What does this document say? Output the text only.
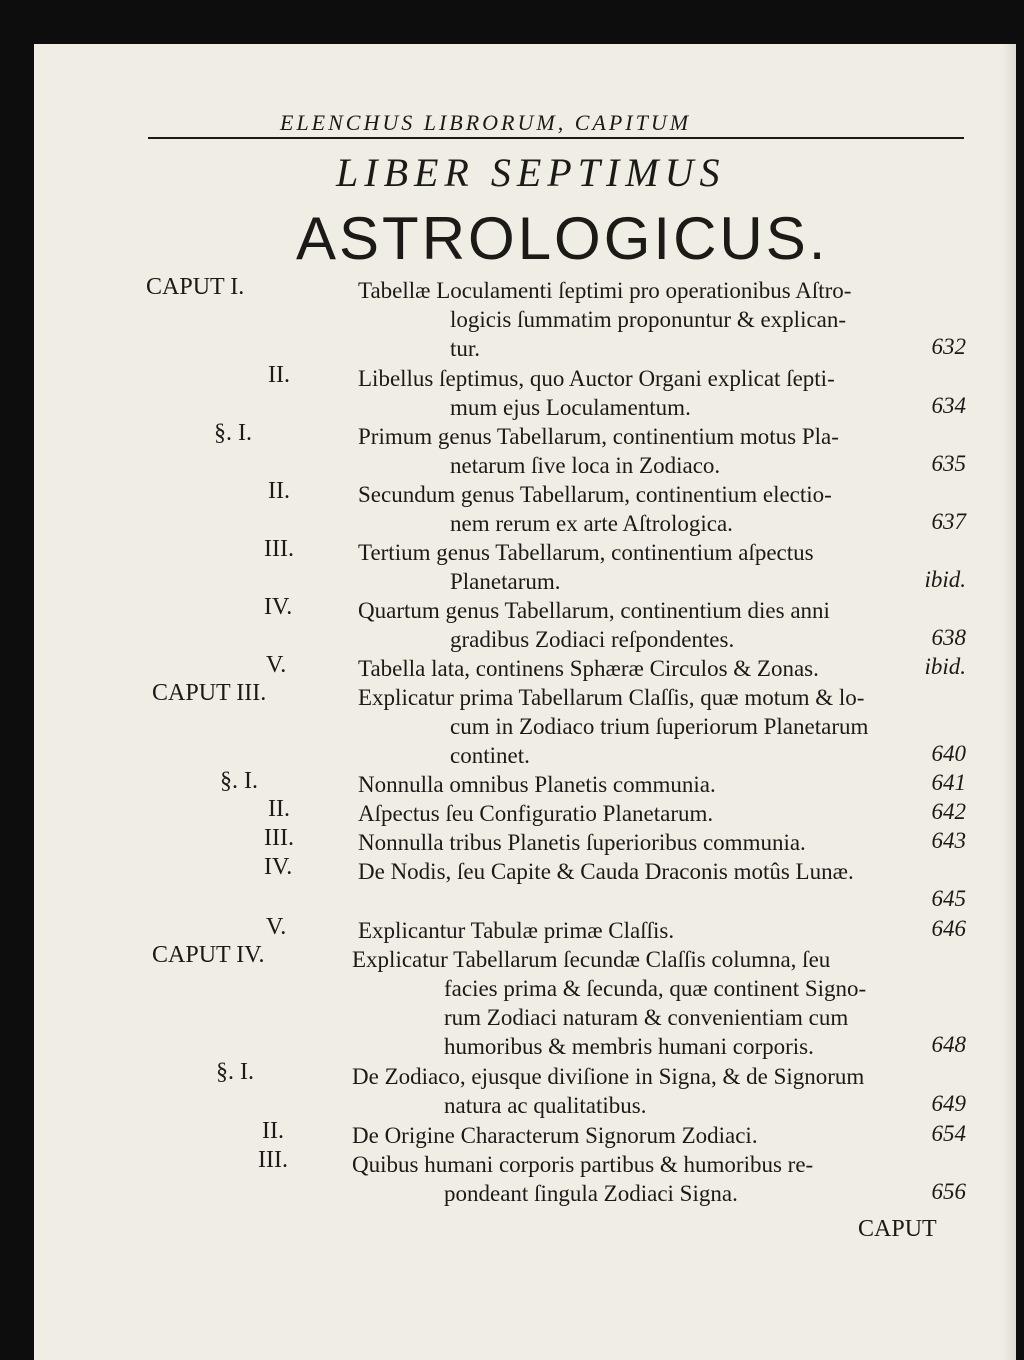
ELENCHUS LIBRORUM, CAPITUM
LIBER SEPTIMUS
ASTROLOGICUS.
CAPUT I.	Tabellæ Loculamenti ſeptimi pro operationibus Aſtro-
logicis ſummatim proponuntur & explican-
tur.	632
II.	Libellus ſeptimus, quo Auctor Organi explicat ſepti-
mum ejus Loculamentum.	634
§. I.	Primum genus Tabellarum, continentium motus Pla-
netarum ſive loca in Zodiaco.	635
II.	Secundum genus Tabellarum, continentium electio-
nem rerum ex arte Aſtrologica.	637
III.	Tertium genus Tabellarum, continentium aſpectus
Planetarum.	ibid.
IV.	Quartum genus Tabellarum, continentium dies anni
gradibus Zodiaci reſpondentes.	638
V.	Tabella lata, continens Sphæræ Circulos & Zonas.	ibid.
CAPUT III.	Explicatur prima Tabellarum Claſſis, quæ motum & lo-
cum in Zodiaco trium ſuperiorum Planetarum
continet.	640
§. I.	Nonnulla omnibus Planetis communia.	641
II.	Aſpectus ſeu Configuratio Planetarum.	642
III.	Nonnulla tribus Planetis ſuperioribus communia.	643
IV.	De Nodis, ſeu Capite & Cauda Draconis motûs Lunæ.
645
V.	Explicantur Tabulæ primæ Claſſis.	646
CAPUT IV.	Explicatur Tabellarum ſecundæ Claſſis columna, ſeu
facies prima & ſecunda, quæ continent Signo-
rum Zodiaci naturam & convenientiam cum
humoribus & membris humani corporis.	648
§. I.	De Zodiaco, ejusque diviſione in Signa, & de Signorum
natura ac qualitatibus.	649
II.	De Origine Characterum Signorum Zodiaci.	654
III.	Quibus humani corporis partibus & humoribus re-
pondeant ſingula Zodiaci Signa.	656
CAPUT
